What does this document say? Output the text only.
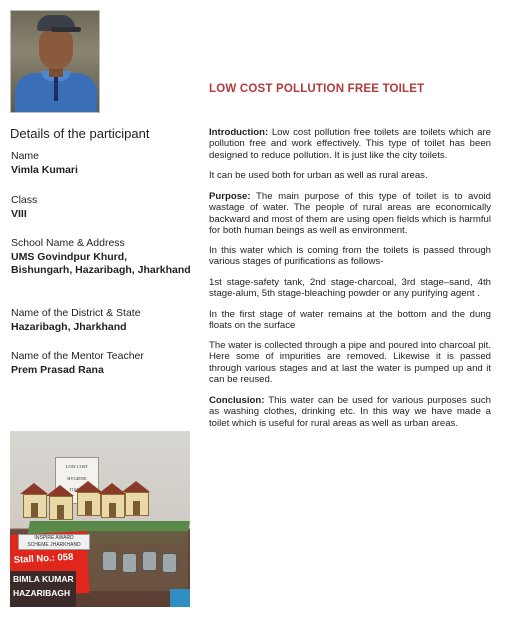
LOW COST POLLUTION FREE TOILET
Details of the participant
Name
Vimla Kumari
Class
VIII
School Name & Address
UMS Govindpur Khurd,
Bishungarh, Hazaribagh, Jharkhand
Name of the District & State
Hazaribagh, Jharkhand
Name of the Mentor Teacher
Prem Prasad Rana
Introduction: Low cost pollution free toilets are toilets which are pollution free and work effectively. This type of toilet has been designed to reduce pollution. It is just like the city toilets.
It can be used both for urban as well as rural areas.
Purpose: The main purpose of this type of toilet is to avoid wastage of water. The people of rural areas are economically backward and most of them are using open fields which is harmful for both human beings as well as environment.
In this water which is coming from the toilets is passed through various stages of purifications as follows-
1st stage-safety tank, 2nd stage-charcoal, 3rd stage–sand, 4th stage-alum, 5th stage-bleaching powder or any purifying agent .
In the first stage of water remains at the bottom and the dung floats on the surface
The water is collected through a pipe and poured into charcoal pit. Here some of impurities are removed. Likewise it is passed through various stages and at last the water is pumped up and it can be reused.
Conclusion: This water can be used for various purposes such as washing clothes, drinking etc. In this way we have made a toilet which is useful for rural areas as well as urban areas.
LOW COST
HYGIENE
TOILET
Stall No.: 058
INSPIRE AWARD
SCHEME JHARKHAND
BIMLA KUMAR
HAZARIBAGH
